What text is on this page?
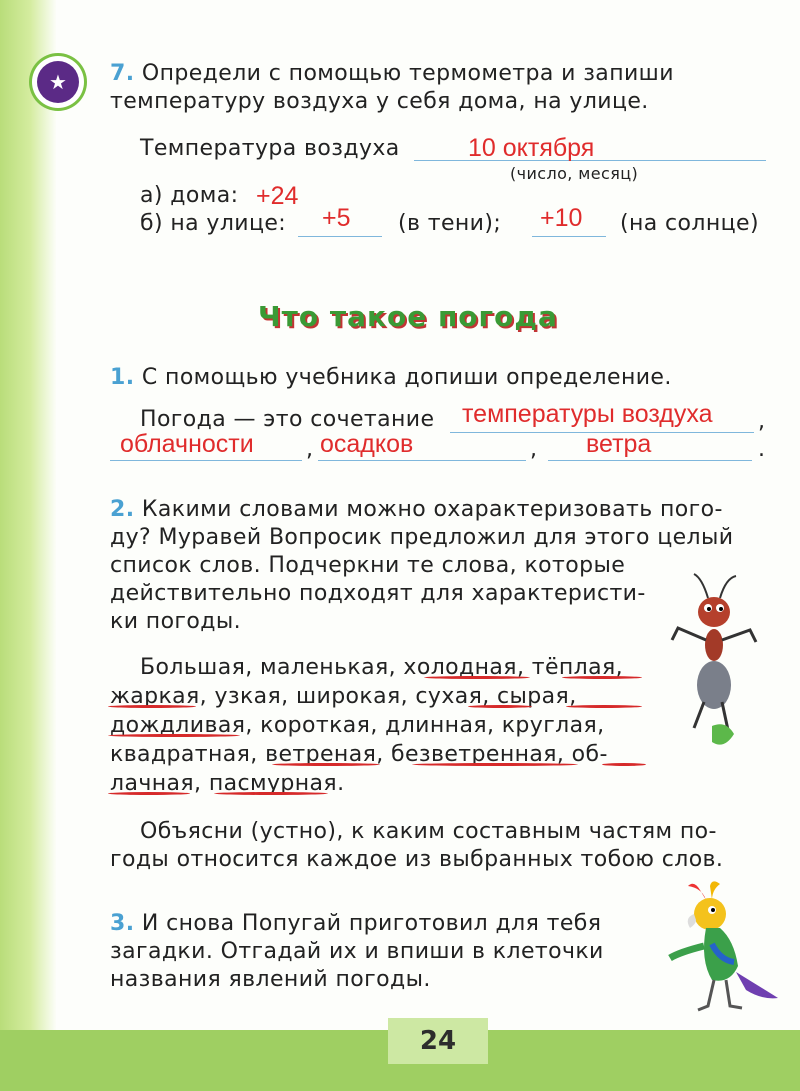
24
★	7. Определи с помощью термометра и запиши
температуру воздуха у себя дома, на улице.
Температура воздуха	10 октября
(число, месяц)
а) дома: +24
б) на улице: +5 (в тени); +10 (на солнце)
Что такое погода
1. С помощью учебника допиши определение.
Погода — это сочетание температуры воздуха ,
облачности , осадков	, ветра	.
2. Какими словами можно охарактеризовать пого-
ду? Муравей Вопросик предложил для этого целый
список слов. Подчеркни те слова, которые
действительно подходят для характеристи-
ки погоды.
Большая, маленькая, холодная, тёплая,
жаркая, узкая, широкая, сухая, сырая,
дождливая, короткая, длинная, круглая,
квадратная, ветреная, безветренная, об-
лачная, пасмурная.
Объясни (устно), к каким составным частям по-
годы относится каждое из выбранных тобою слов.
3. И снова Попугай приготовил для тебя
загадки. Отгадай их и впиши в клеточки
названия явлений погоды.
